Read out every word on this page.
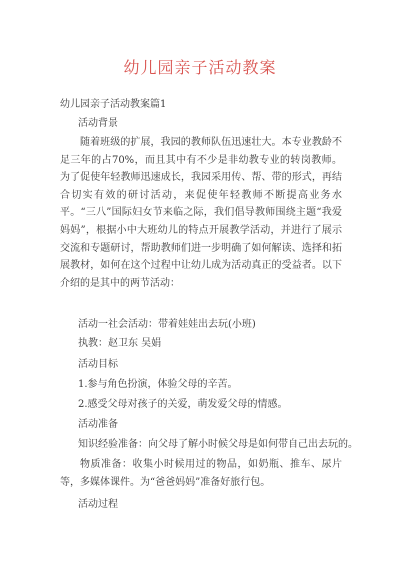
幼儿园亲子活动教案
幼儿园亲子活动教案篇1
活动背景
随着班级的扩展，我园的教师队伍迅速壮大。本专业教龄不足三年的占70%，而且其中有不少是非幼教专业的转岗教师。为了促使年轻教师迅速成长，我园采用传、帮、带的形式，再结合切实有效的研讨活动，来促使年轻教师不断提高业务水平。“三八”国际妇女节来临之际，我们倡导教师围绕主题“我爱妈妈”，根据小中大班幼儿的特点开展教学活动，并进行了展示交流和专题研讨，帮助教师们进一步明确了如何解读、选择和拓展教材，如何在这个过程中让幼儿成为活动真正的受益者。以下介绍的是其中的两节活动：
活动一社会活动：带着娃娃出去玩(小班)
执教：赵卫东 吴娟
活动目标
1.参与角色扮演，体验父母的辛苦。
2.感受父母对孩子的关爱，萌发爱父母的情感。
活动准备
知识经验准备：向父母了解小时候父母是如何带自己出去玩的。
物质准备：收集小时候用过的物品，如奶瓶、推车、尿片等，多媒体课件。为“爸爸妈妈”准备好旅行包。
活动过程
